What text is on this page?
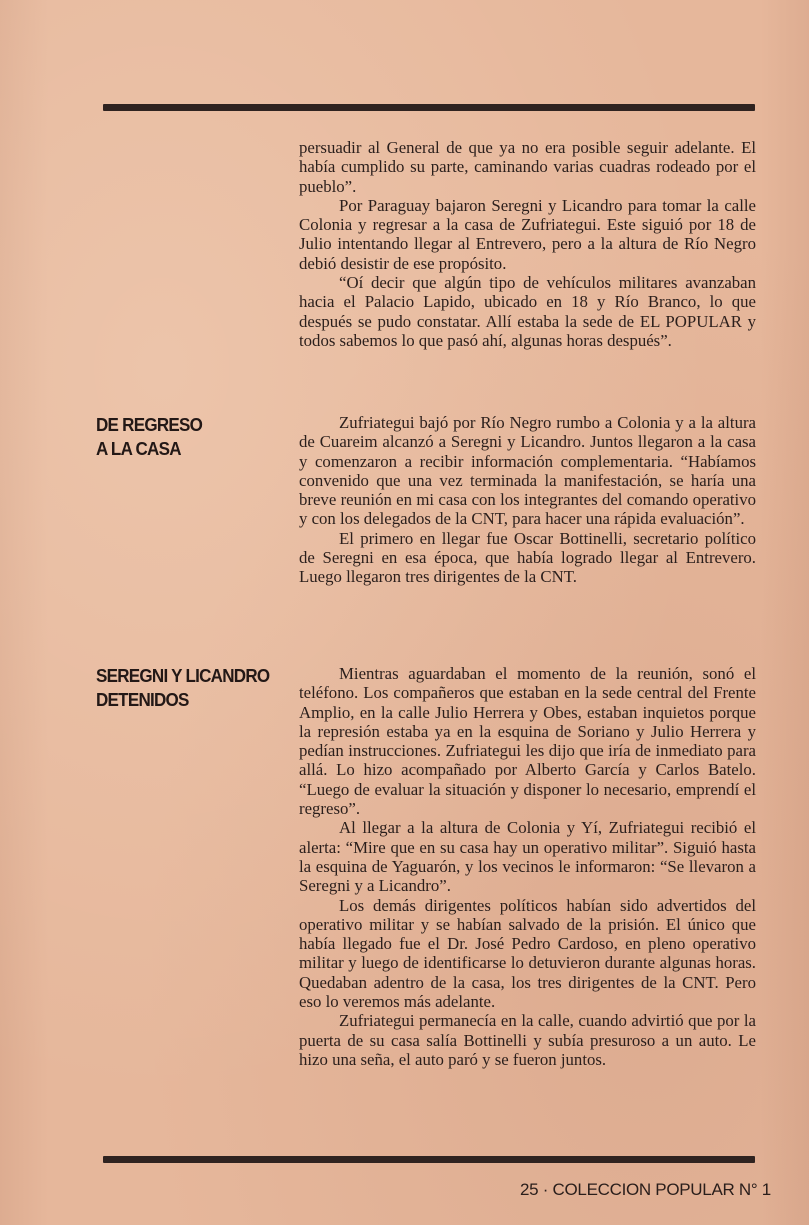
persuadir al General de que ya no era posible seguir adelante. El había cumplido su parte, caminando varias cuadras rodeado por el pueblo”.

Por Paraguay bajaron Seregni y Licandro para tomar la calle Colonia y regresar a la casa de Zufriategui. Este siguió por 18 de Julio intentando llegar al Entrevero, pero a la altura de Río Negro debió desistir de ese propósito.

“Oí decir que algún tipo de vehículos militares avanzaban hacia el Palacio Lapido, ubicado en 18 y Río Branco, lo que después se pudo constatar. Allí estaba la sede de EL POPULAR y todos sabemos lo que pasó ahí, algunas horas después”.

DE REGRESO
A LA CASA

Zufriategui bajó por Río Negro rumbo a Colonia y a la altura de Cuareim alcanzó a Seregni y Licandro. Juntos llegaron a la casa y comenzaron a recibir información complementaria. “Habíamos convenido que una vez terminada la manifestación, se haría una breve reunión en mi casa con los integrantes del comando operativo y con los delegados de la CNT, para hacer una rápida evaluación”.

El primero en llegar fue Oscar Bottinelli, secretario político de Seregni en esa época, que había logrado llegar al Entrevero. Luego llegaron tres dirigentes de la CNT.

SEREGNI Y LICANDRO
DETENIDOS

Mientras aguardaban el momento de la reunión, sonó el teléfono. Los compañeros que estaban en la sede central del Frente Amplio, en la calle Julio Herrera y Obes, estaban inquietos porque la represión estaba ya en la esquina de Soriano y Julio Herrera y pedían instrucciones. Zufriategui les dijo que iría de inmediato para allá. Lo hizo acompañado por Alberto García y Carlos Batelo. “Luego de evaluar la situación y disponer lo necesario, emprendí el regreso”.

Al llegar a la altura de Colonia y Yí, Zufriategui recibió el alerta: “Mire que en su casa hay un operativo militar”. Siguió hasta la esquina de Yaguarón, y los vecinos le informaron: “Se llevaron a Seregni y a Licandro”.

Los demás dirigentes políticos habían sido advertidos del operativo militar y se habían salvado de la prisión. El único que había llegado fue el Dr. José Pedro Cardoso, en pleno operativo militar y luego de identificarse lo detuvieron durante algunas horas. Quedaban adentro de la casa, los tres dirigentes de la CNT. Pero eso lo veremos más adelante.

Zufriategui permanecía en la calle, cuando advirtió que por la puerta de su casa salía Bottinelli y subía presuroso a un auto. Le hizo una seña, el auto paró y se fueron juntos.

25 · COLECCION POPULAR N° 1
